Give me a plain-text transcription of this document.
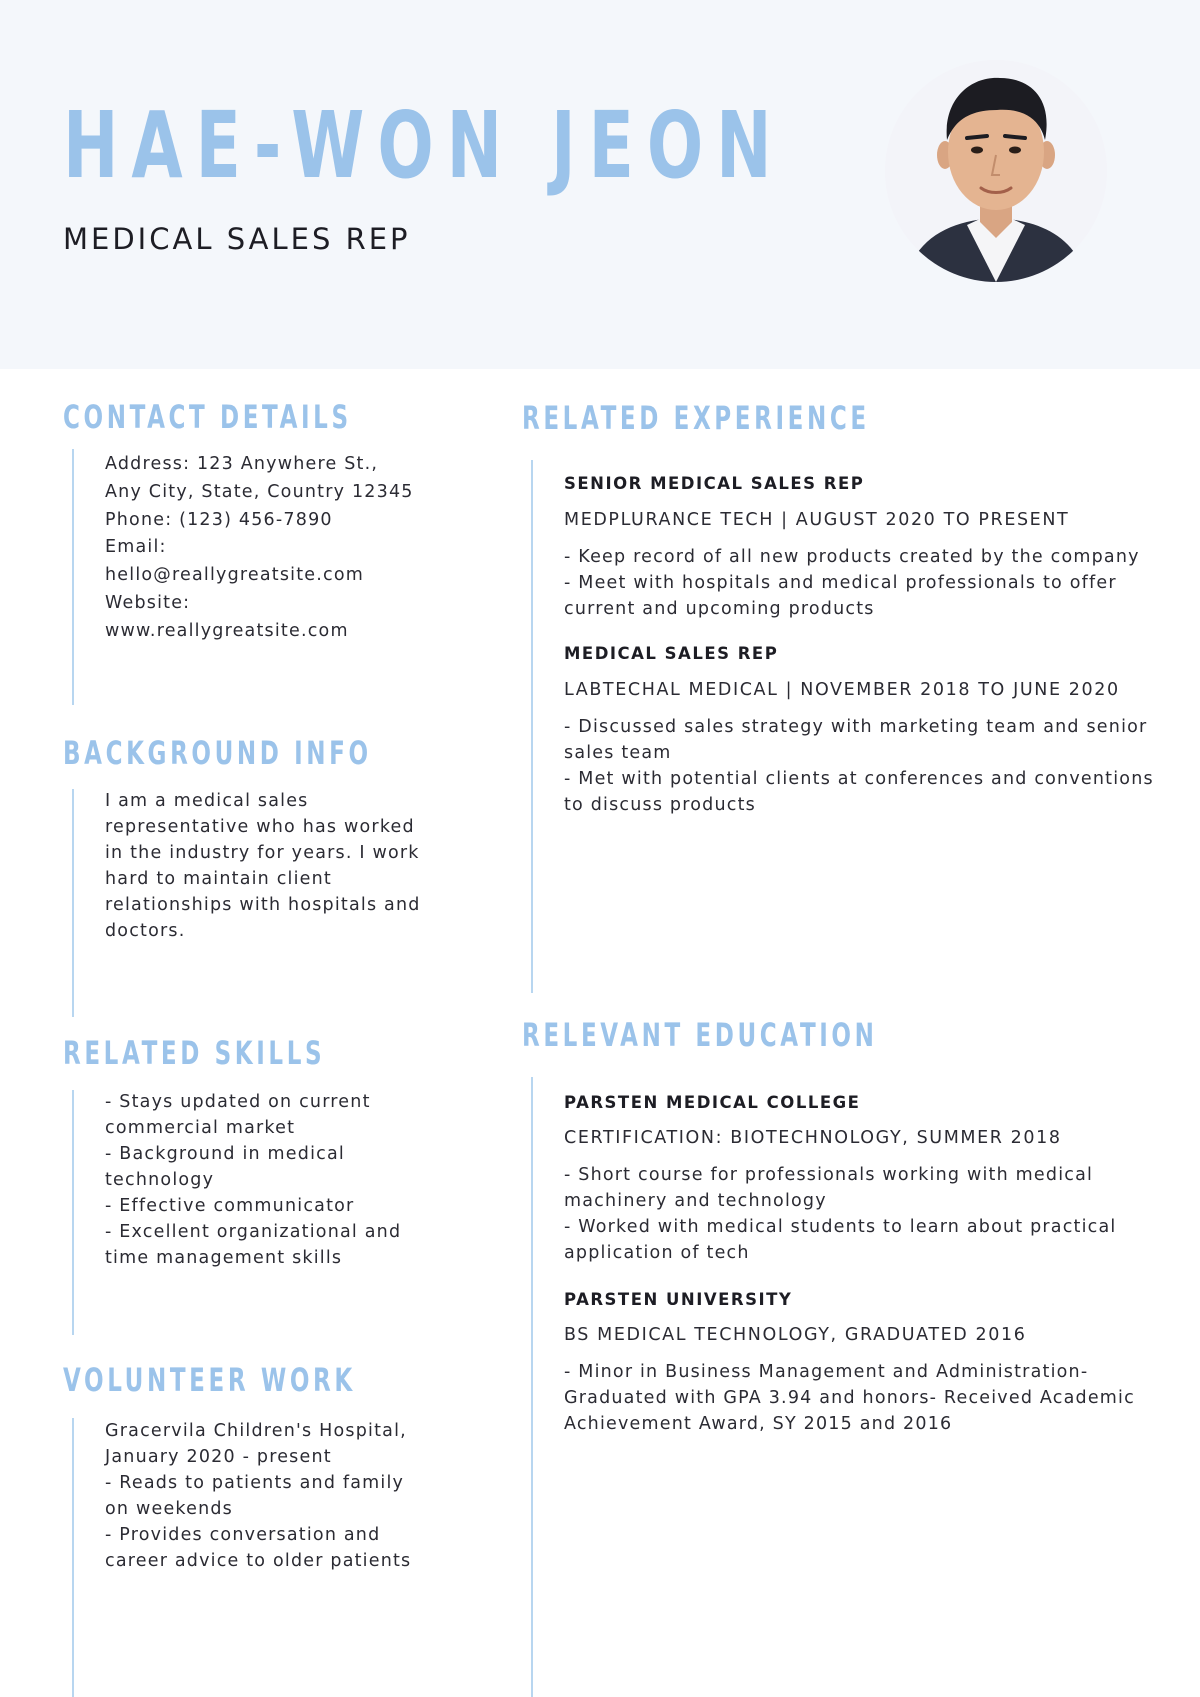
HAE-WON JEON
MEDICAL SALES REP
CONTACT DETAILS
Address: 123 Anywhere St.,
Any City, State, Country 12345
Phone: (123) 456-7890
Email:
hello@reallygreatsite.com
Website:
www.reallygreatsite.com
BACKGROUND INFO
I am a medical sales representative who has worked in the industry for years. I work hard to maintain client relationships with hospitals and doctors.
RELATED SKILLS
- Stays updated on current commercial market
- Background in medical technology
- Effective communicator
- Excellent organizational and time management skills
VOLUNTEER WORK
Gracervila Children's Hospital, January 2020 - present
- Reads to patients and family on weekends
- Provides conversation and career advice to older patients
RELATED EXPERIENCE
SENIOR MEDICAL SALES REP
MEDPLURANCE TECH | AUGUST 2020 TO PRESENT
- Keep record of all new products created by the company
- Meet with hospitals and medical professionals to offer current and upcoming products
MEDICAL SALES REP
LABTECHAL MEDICAL | NOVEMBER 2018 TO JUNE 2020
- Discussed sales strategy with marketing team and senior sales team
- Met with potential clients at conferences and conventions to discuss products
RELEVANT EDUCATION
PARSTEN MEDICAL COLLEGE
CERTIFICATION: BIOTECHNOLOGY, SUMMER 2018
- Short course for professionals working with medical machinery and technology
- Worked with medical students to learn about practical application of tech
PARSTEN UNIVERSITY
BS MEDICAL TECHNOLOGY, GRADUATED 2016
- Minor in Business Management and Administration- Graduated with GPA 3.94 and honors- Received Academic Achievement Award, SY 2015 and 2016
